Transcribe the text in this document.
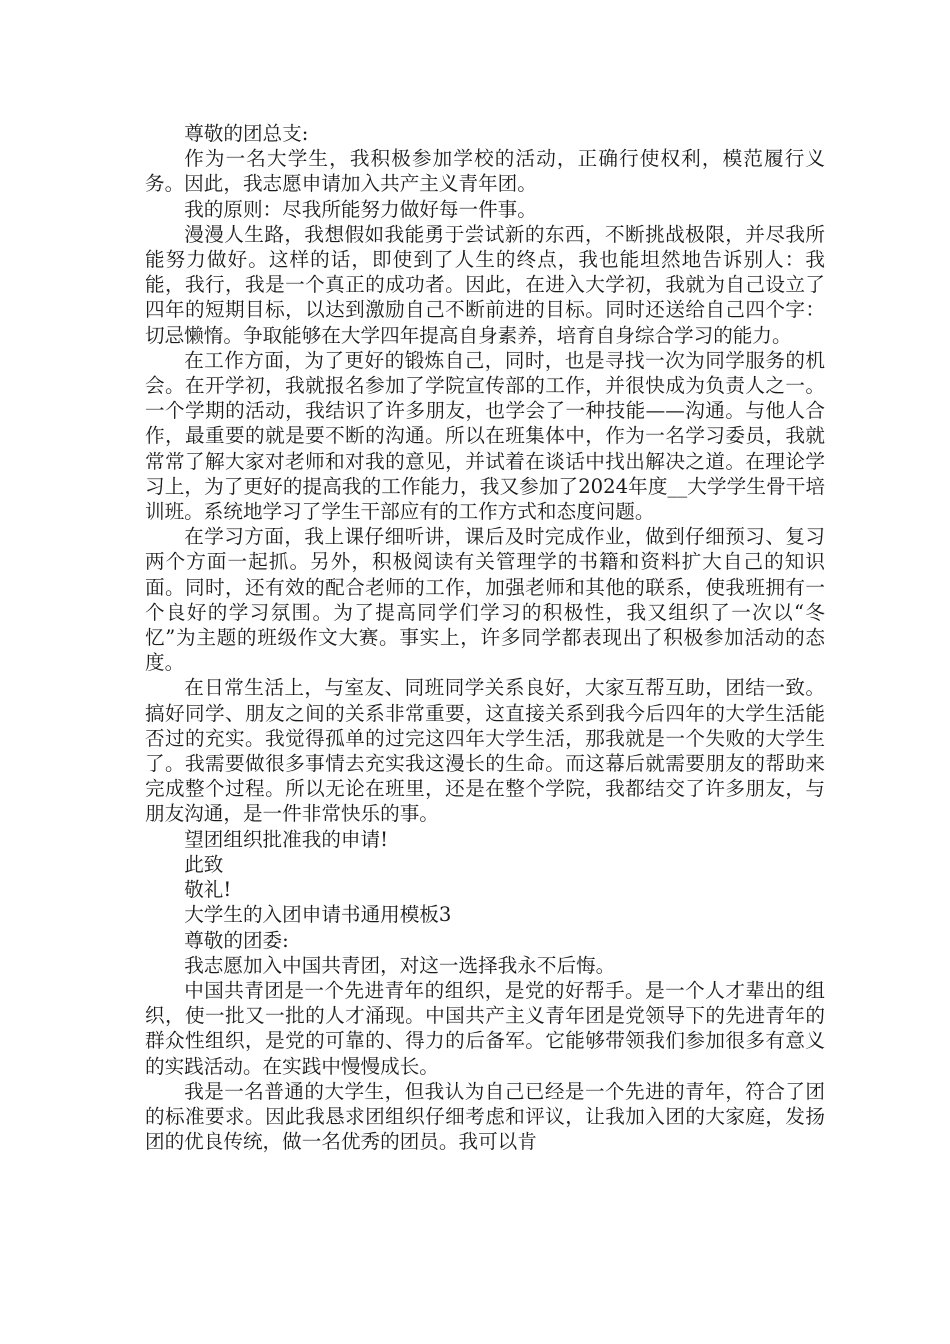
尊敬的团总支:

作为一名大学生，我积极参加学校的活动，正确行使权利，模范履行义务。因此，我志愿申请加入共产主义青年团。

我的原则：尽我所能努力做好每一件事。

漫漫人生路，我想假如我能勇于尝试新的东西，不断挑战极限，并尽我所能努力做好。这样的话，即使到了人生的终点，我也能坦然地告诉别人：我能，我行，我是一个真正的成功者。因此，在进入大学初，我就为自己设立了四年的短期目标，以达到激励自己不断前进的目标。同时还送给自己四个字：切忌懒惰。争取能够在大学四年提高自身素养，培育自身综合学习的能力。

在工作方面，为了更好的锻炼自己，同时，也是寻找一次为同学服务的机会。在开学初，我就报名参加了学院宣传部的工作，并很快成为负责人之一。一个学期的活动，我结识了许多朋友，也学会了一种技能——沟通。与他人合作，最重要的就是要不断的沟通。所以在班集体中，作为一名学习委员，我就常常了解大家对老师和对我的意见，并试着在谈话中找出解决之道。在理论学习上，为了更好的提高我的工作能力，我又参加了2024年度__大学学生骨干培训班。系统地学习了学生干部应有的工作方式和态度问题。

在学习方面，我上课仔细听讲，课后及时完成作业，做到仔细预习、复习两个方面一起抓。另外，积极阅读有关管理学的书籍和资料扩大自己的知识面。同时，还有效的配合老师的工作，加强老师和其他的联系，使我班拥有一个良好的学习氛围。为了提高同学们学习的积极性，我又组织了一次以“冬忆”为主题的班级作文大赛。事实上，许多同学都表现出了积极参加活动的态度。

在日常生活上，与室友、同班同学关系良好，大家互帮互助，团结一致。搞好同学、朋友之间的关系非常重要，这直接关系到我今后四年的大学生活能否过的充实。我觉得孤单的过完这四年大学生活，那我就是一个失败的大学生了。我需要做很多事情去充实我这漫长的生命。而这幕后就需要朋友的帮助来完成整个过程。所以无论在班里，还是在整个学院，我都结交了许多朋友，与朋友沟通，是一件非常快乐的事。

望团组织批准我的申请!

此致

敬礼!

大学生的入团申请书通用模板3

尊敬的团委:

我志愿加入中国共青团，对这一选择我永不后悔。

中国共青团是一个先进青年的组织，是党的好帮手。是一个人才辈出的组织，使一批又一批的人才涌现。中国共产主义青年团是党领导下的先进青年的群众性组织，是党的可靠的、得力的后备军。它能够带领我们参加很多有意义的实践活动。在实践中慢慢成长。

我是一名普通的大学生，但我认为自己已经是一个先进的青年，符合了团的标准要求。因此我恳求团组织仔细考虑和评议，让我加入团的大家庭，发扬团的优良传统，做一名优秀的团员。我可以肯
